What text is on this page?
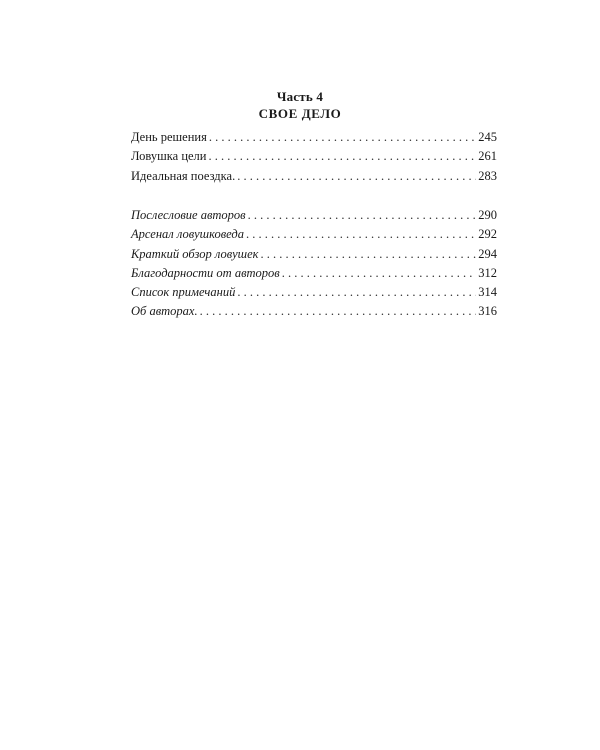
Часть 4
СВОЕ ДЕЛО
День решения . . .	245
Ловушка цели . . .	261
Идеальная поездка. . . .	283
Послесловие авторов . . .	290
Арсенал ловушковеда . . .	292
Краткий обзор ловушек . . .	294
Благодарности от авторов . . .	312
Список примечаний . . .	314
Об авторах. . . .	316
